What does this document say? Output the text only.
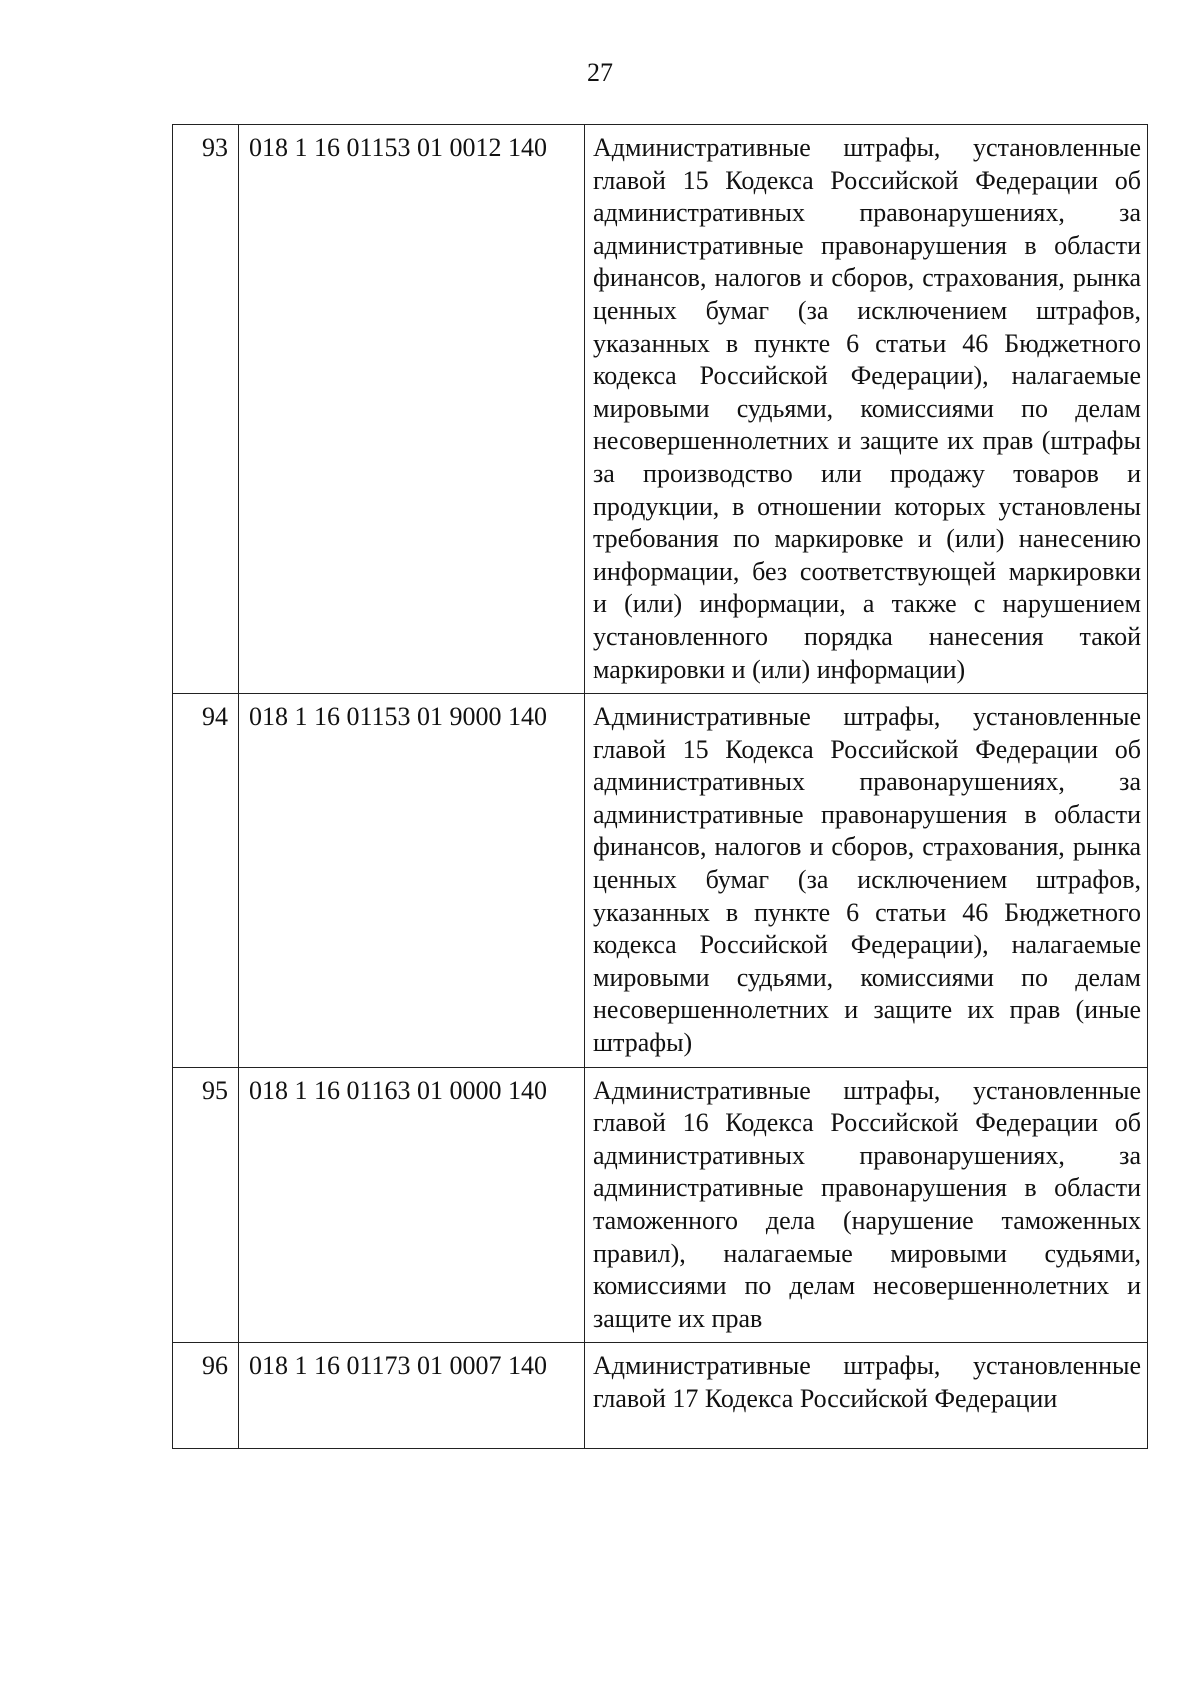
27
93	018 1 16 01153 01 0012 140	Административные штрафы, установленные главой 15 Кодекса Российской Федерации об административных правонарушениях, за административные правонарушения в области финансов, налогов и сборов, страхования, рынка ценных бумаг (за исключением штрафов, указанных в пункте 6 статьи 46 Бюджетного кодекса Российской Федерации), налагаемые мировыми судьями, комиссиями по делам несовершеннолетних и защите их прав (штрафы за производство или продажу товаров и продукции, в отношении которых установлены требования по маркировке и (или) нанесению информации, без соответствующей маркировки и (или) информации, а также с нарушением установленного порядка нанесения такой маркировки и (или) информации)
94	018 1 16 01153 01 9000 140	Административные штрафы, установленные главой 15 Кодекса Российской Федерации об административных правонарушениях, за административные правонарушения в области финансов, налогов и сборов, страхования, рынка ценных бумаг (за исключением штрафов, указанных в пункте 6 статьи 46 Бюджетного кодекса Российской Федерации), налагаемые мировыми судьями, комиссиями по делам несовершеннолетних и защите их прав (иные штрафы)
95	018 1 16 01163 01 0000 140	Административные штрафы, установленные главой 16 Кодекса Российской Федерации об административных правонарушениях, за административные правонарушения в области таможенного дела (нарушение таможенных правил), налагаемые мировыми судьями, комиссиями по делам несовершеннолетних и защите их прав
96	018 1 16 01173 01 0007 140	Административные штрафы, установленные главой 17 Кодекса Российской Федерации
